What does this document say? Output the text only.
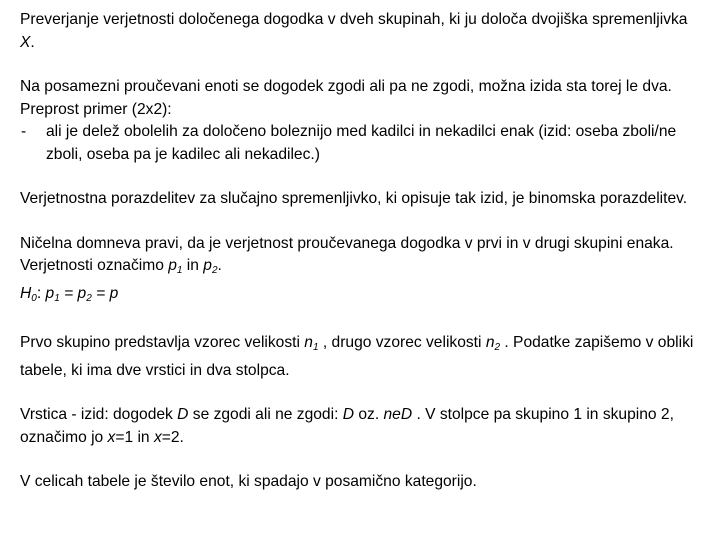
Preverjanje verjetnosti določenega dogodka v dveh skupinah, ki ju določa dvojiška spremenljivka X.

Na posamezni proučevani enoti se dogodek zgodi ali pa ne zgodi, možna izida sta torej le dva. Preprost primer (2x2):
-	ali je delež obolelih za določeno boleznijo med kadilci in nekadilci enak (izid: oseba zboli/ne zboli, oseba pa je kadilec ali nekadilec.)

Verjetnostna porazdelitev za slučajno spremenljivko, ki opisuje tak izid, je binomska porazdelitev.

Ničelna domneva pravi, da je verjetnost proučevanega dogodka v prvi in v drugi skupini enaka. Verjetnosti označimo $p_1$ in $p_2$.
$H_0$: $p_1 = p_2 = p$

Prvo skupino predstavlja vzorec velikosti $n_1$ , drugo vzorec velikosti $n_2$ . Podatke zapišemo v obliki tabele, ki ima dve vrstici in dva stolpca.

Vrstica - izid: dogodek D se zgodi ali ne zgodi: D oz. neD . V stolpce pa skupino 1 in skupino 2, označimo jo x=1 in x=2.

V celicah tabele je število enot, ki spadajo v posamično kategorijo.
